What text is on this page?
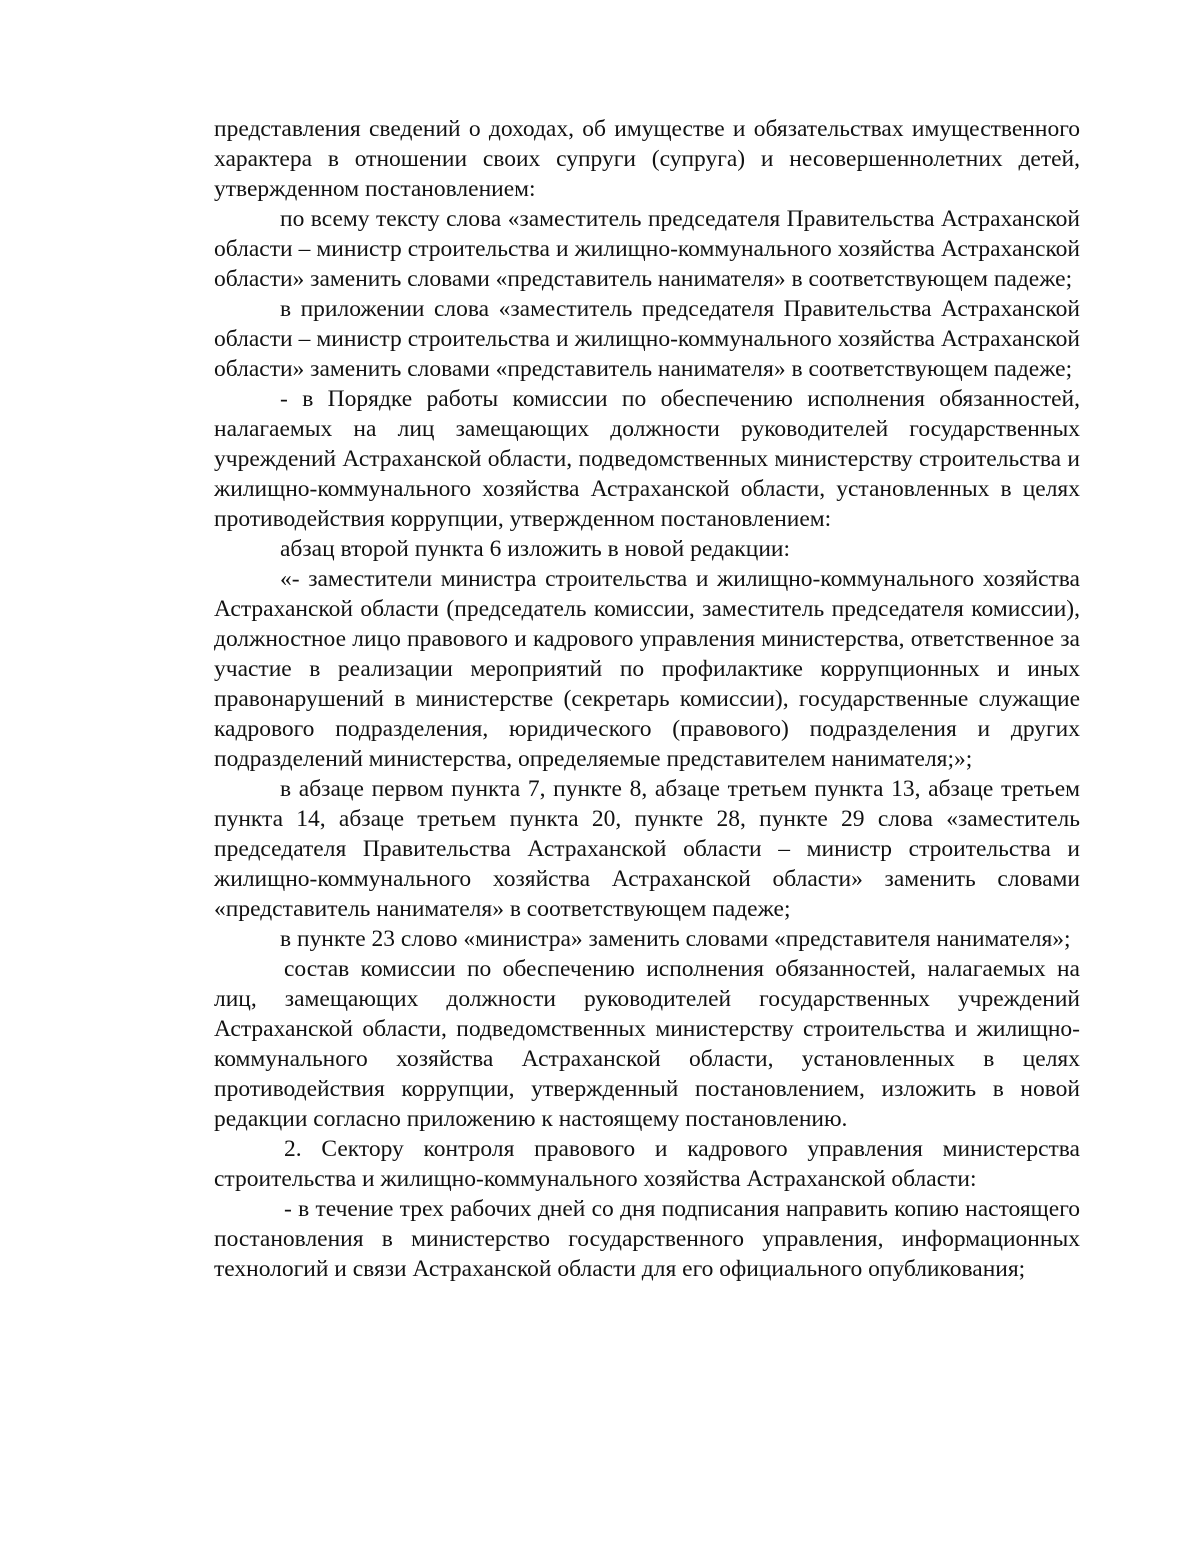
представления сведений о доходах, об имуществе и обязательствах имущественного характера в отношении своих супруги (супруга) и несовершеннолетних детей, утвержденном постановлением:

по всему тексту слова «заместитель председателя Правительства Астраханской области – министр строительства и жилищно-коммунального хозяйства Астраханской области» заменить словами «представитель нанимателя» в соответствующем падеже;

в приложении слова «заместитель председателя Правительства Астраханской области – министр строительства и жилищно-коммунального хозяйства Астраханской области» заменить словами «представитель нанимателя» в соответствующем падеже;

- в Порядке работы комиссии по обеспечению исполнения обязанностей, налагаемых на лиц замещающих должности руководителей государственных учреждений Астраханской области, подведомственных министерству строительства и жилищно-коммунального хозяйства Астраханской области, установленных в целях противодействия коррупции, утвержденном постановлением:

абзац второй пункта 6 изложить в новой редакции:

«- заместители министра строительства и жилищно-коммунального хозяйства Астраханской области (председатель комиссии, заместитель председателя комиссии), должностное лицо правового и кадрового управления министерства, ответственное за участие в реализации мероприятий по профилактике коррупционных и иных правонарушений в министерстве (секретарь комиссии), государственные служащие кадрового подразделения, юридического (правового) подразделения и других подразделений министерства, определяемые представителем нанимателя;»;

в абзаце первом пункта 7, пункте 8, абзаце третьем пункта 13, абзаце третьем пункта 14, абзаце третьем пункта 20, пункте 28, пункте 29 слова «заместитель председателя Правительства Астраханской области – министр строительства и жилищно-коммунального хозяйства Астраханской области» заменить словами «представитель нанимателя» в соответствующем падеже;

в пункте 23 слово «министра» заменить словами «представителя нанимателя»;

состав комиссии по обеспечению исполнения обязанностей, налагаемых на лиц, замещающих должности руководителей государственных учреждений Астраханской области, подведомственных министерству строительства и жилищно-коммунального хозяйства Астраханской области, установленных в целях противодействия коррупции, утвержденный постановлением, изложить в новой редакции согласно приложению к настоящему постановлению.

2. Сектору контроля правового и кадрового управления министерства строительства и жилищно-коммунального хозяйства Астраханской области:

- в течение трех рабочих дней со дня подписания направить копию настоящего постановления в министерство государственного управления, информационных технологий и связи Астраханской области для его официального опубликования;
